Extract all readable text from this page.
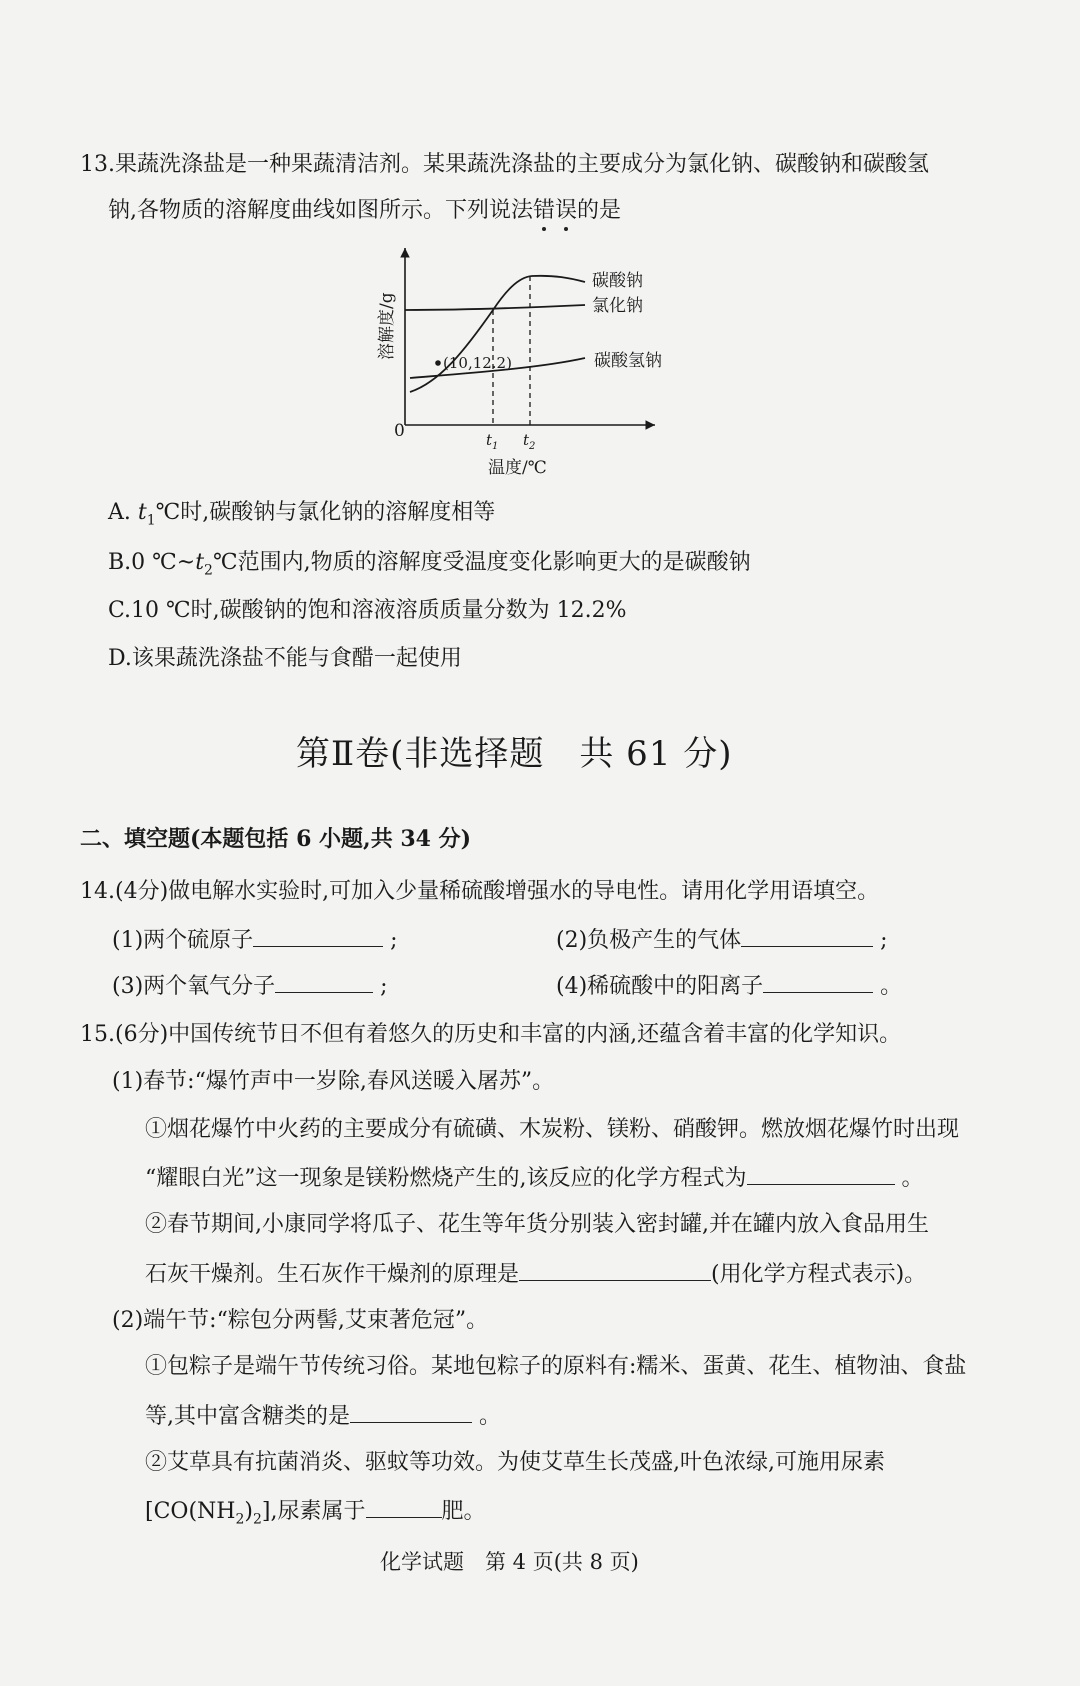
13.果蔬洗涤盐是一种果蔬清洁剂。某果蔬洗涤盐的主要成分为氯化钠、碳酸钠和碳酸氢
钠,各物质的溶解度曲线如图所示。下列说法错误的是
(10,12.2)
碳酸钠
氯化钠
碳酸氢钠
0	$t_1$ $t_2$
温度/℃
溶解度/g
A. $t_1℃$时,碳酸钠与氯化钠的溶解度相等
B.0 $℃\sim t_2℃$范围内,物质的溶解度受温度变化影响更大的是碳酸钠
C.10 ℃时,碳酸钠的饱和溶液溶质质量分数为 12.2%
D.该果蔬洗涤盐不能与食醋一起使用
第Ⅱ卷(非选择题　共 61 分)
二、填空题(本题包括 6 小题,共 34 分)
14.(4分)做电解水实验时,可加入少量稀硫酸增强水的导电性。请用化学用语填空。
(1)两个硫原子	;	(2)负极产生的气体	;
(3)两个氧气分子	;	(4)稀硫酸中的阳离子	。
15.(6分)中国传统节日不但有着悠久的历史和丰富的内涵,还蕴含着丰富的化学知识。
(1)春节:“爆竹声中一岁除,春风送暖入屠苏”。
①烟花爆竹中火药的主要成分有硫磺、木炭粉、镁粉、硝酸钾。燃放烟花爆竹时出现
“耀眼白光”这一现象是镁粉燃烧产生的,该反应的化学方程式为	。
②春节期间,小康同学将瓜子、花生等年货分别装入密封罐,并在罐内放入食品用生
石灰干燥剂。生石灰作干燥剂的原理是	(用化学方程式表示)。
(2)端午节:“粽包分两髻,艾束著危冠”。
①包粽子是端午节传统习俗。某地包粽子的原料有:糯米、蛋黄、花生、植物油、食盐
等,其中富含糖类的是	。
②艾草具有抗菌消炎、驱蚊等功效。为使艾草生长茂盛,叶色浓绿,可施用尿素
$[CO(NH_2)_2]$,尿素属于	肥。
化学试题　第 4 页(共 8 页)
